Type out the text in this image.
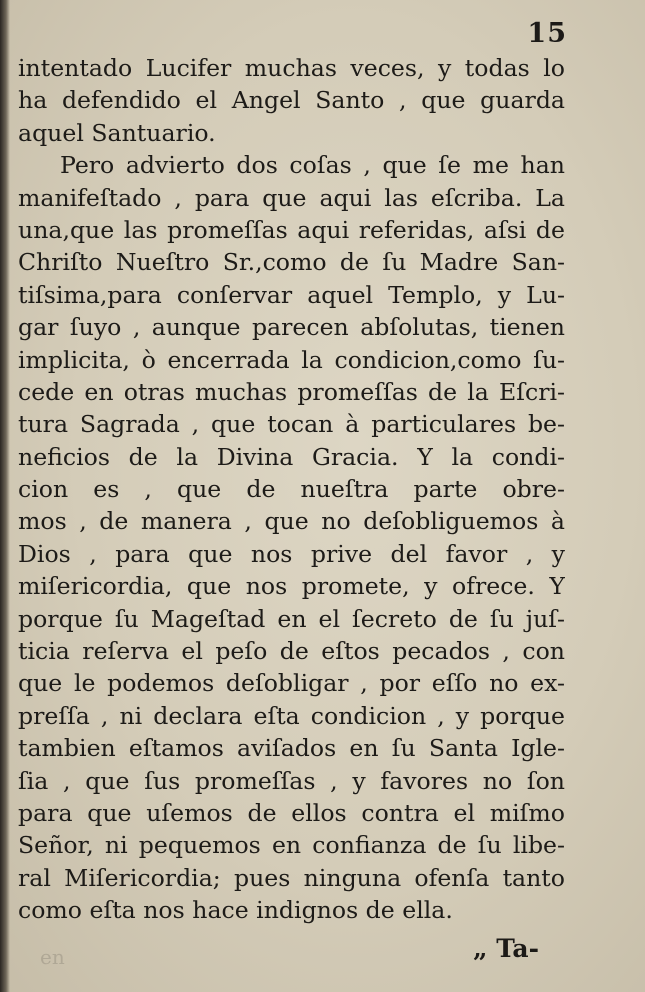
15
intentado Lucifer muchas veces, y todas lo
ha defendido el Angel Santo , que guarda
aquel Santuario.
Pero advierto dos coſas , que ſe me han
manifeſtado , para que aqui las eſcriba. La
una,que las promeſſas aqui referidas, aſsi de
Chriſto Nueſtro Sr.,como de ſu Madre San-
tiſsima,para conſervar aquel Templo, y Lu-
gar ſuyo , aunque parecen abſolutas, tienen
implicita, ò encerrada la condicion,como ſu-
cede en otras muchas promeſſas de la Eſcri-
tura Sagrada , que tocan à particulares be-
neficios de la Divina Gracia. Y la condi-
cion es , que de nueſtra parte obre-
mos , de manera , que no deſobliguemos à
Dios , para que nos prive del favor , y
miſericordia, que nos promete, y ofrece. Y
porque ſu Mageſtad en el ſecreto de ſu juſ-
ticia reſerva el peſo de eſtos pecados , con
que le podemos deſobligar , por eſſo no ex-
preſſa , ni declara eſta condicion , y porque
tambien eſtamos aviſados en ſu Santa Igle-
ſia , que ſus promeſſas , y favores no ſon
para que uſemos de ellos contra el miſmo
Señor, ni pequemos en confianza de ſu libe-
ral Miſericordia; pues ninguna ofenſa tanto
como eſta nos hace indignos de ella.
en	„ Ta-
